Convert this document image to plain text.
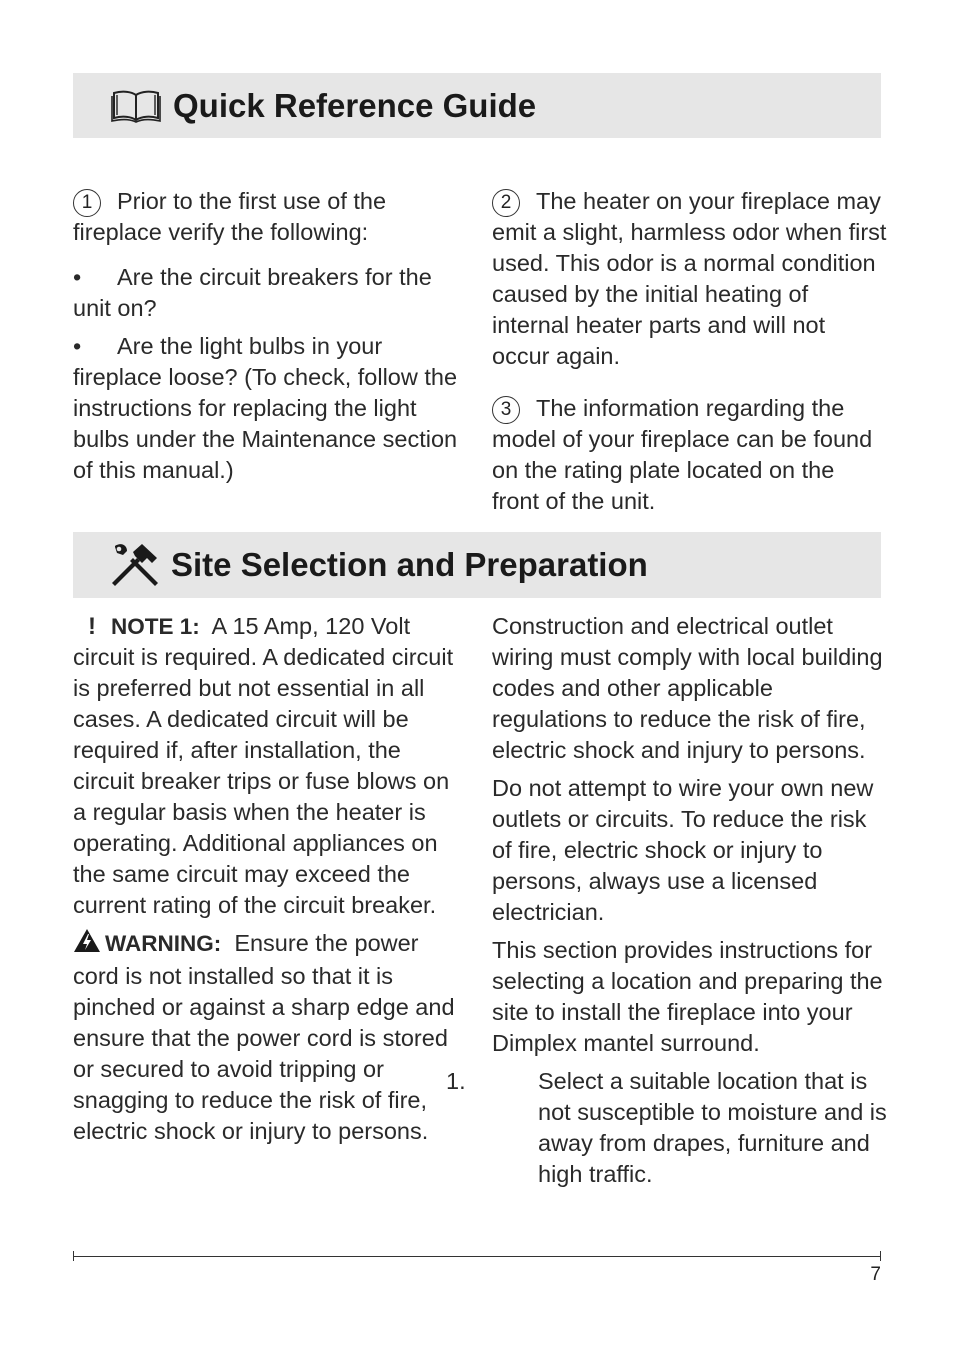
Quick Reference Guide

1 Prior to the first use of the fireplace verify the following:

• Are the circuit breakers for the unit on?

• Are the light bulbs in your fireplace loose? (To check, follow the instructions for replacing the light bulbs under the Maintenance section of this manual.)

2 The heater on your fireplace may emit a slight, harmless odor when first used. This odor is a normal condition caused by the initial heating of internal heater parts and will not occur again.

3 The information regarding the model of your fireplace can be found on the rating plate located on the front of the unit.

Site Selection and Preparation

! NOTE 1: A 15 Amp, 120 Volt circuit is required. A dedicated circuit is preferred but not essential in all cases. A dedicated circuit will be required if, after installation, the circuit breaker trips or fuse blows on a regular basis when the heater is operating. Additional appliances on the same circuit may exceed the current rating of the circuit breaker.

WARNING: Ensure the power cord is not installed so that it is pinched or against a sharp edge and ensure that the power cord is stored or secured to avoid tripping or snagging to reduce the risk of fire, electric shock or injury to persons.

Construction and electrical outlet wiring must comply with local building codes and other applicable regulations to reduce the risk of fire, electric shock and injury to persons.

Do not attempt to wire your own new outlets or circuits. To reduce the risk of fire, electric shock or injury to persons, always use a licensed electrician.

This section provides instructions for selecting a location and preparing the site to install the fireplace into your Dimplex mantel surround.

1.	Select a suitable location that is not susceptible to moisture and is away from drapes, furniture and high traffic.

7
